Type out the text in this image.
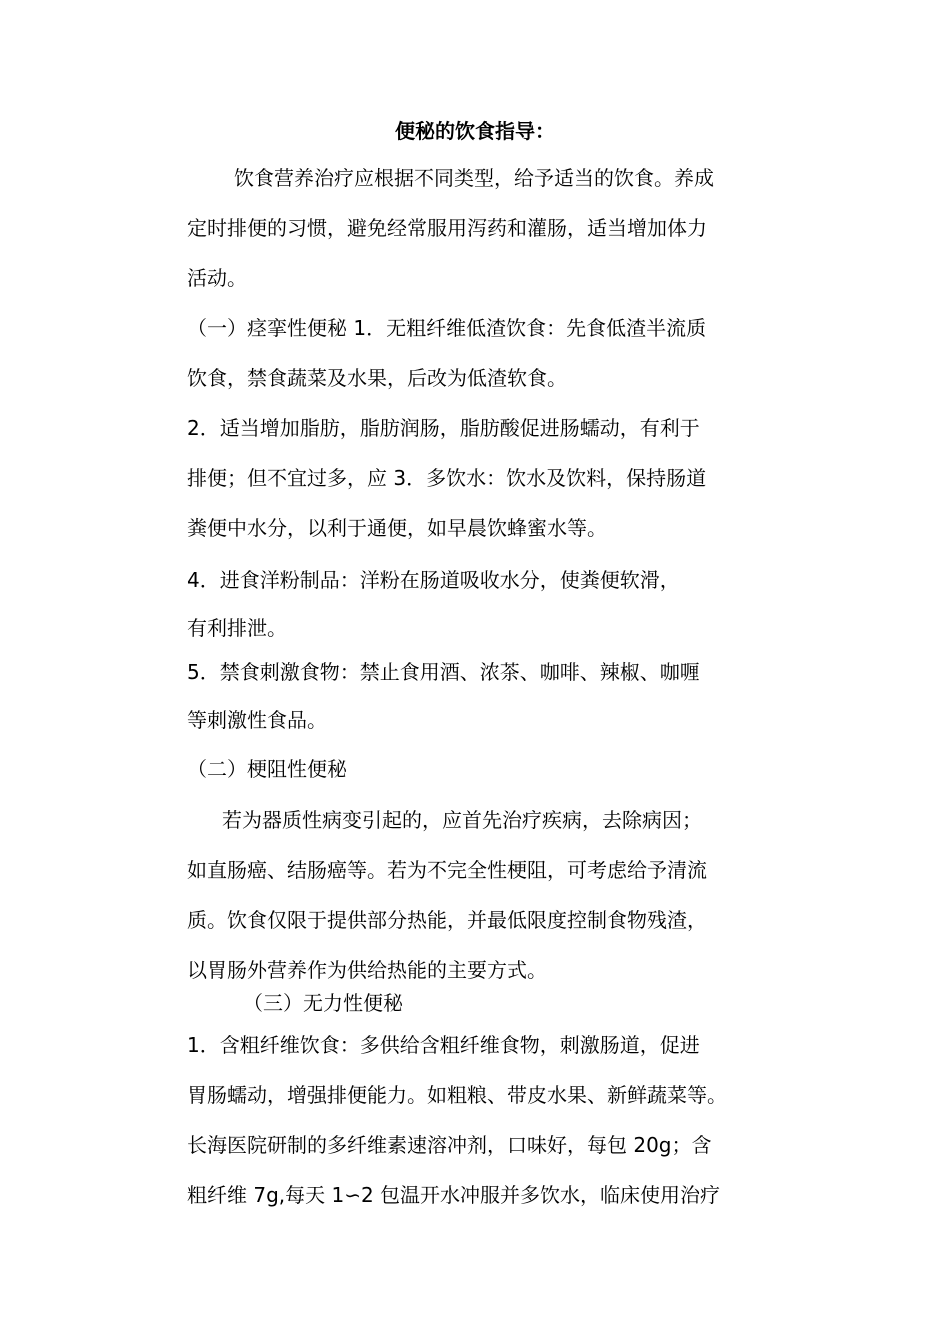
便秘的饮食指导：
饮食营养治疗应根据不同类型，给予适当的饮食。养成
定时排便的习惯，避免经常服用泻药和灌肠，适当增加体力
活动。
（一）痉挛性便秘 1．无粗纤维低渣饮食：先食低渣半流质
饮食，禁食蔬菜及水果，后改为低渣软食。
2．适当增加脂肪，脂肪润肠，脂肪酸促进肠蠕动，有利于
排便；但不宜过多，应 3．多饮水：饮水及饮料，保持肠道
粪便中水分，以利于通便，如早晨饮蜂蜜水等。
4．进食洋粉制品：洋粉在肠道吸收水分，使粪便软滑，
有利排泄。
5．禁食刺激食物：禁止食用酒、浓茶、咖啡、辣椒、咖喱
等刺激性食品。
（二）梗阻性便秘
若为器质性病变引起的，应首先治疗疾病，去除病因；
如直肠癌、结肠癌等。若为不完全性梗阻，可考虑给予清流
质。饮食仅限于提供部分热能，并最低限度控制食物残渣，
以胃肠外营养作为供给热能的主要方式。
（三）无力性便秘
1．含粗纤维饮食：多供给含粗纤维食物，刺激肠道，促进
胃肠蠕动，增强排便能力。如粗粮、带皮水果、新鲜蔬菜等。
长海医院研制的多纤维素速溶冲剂，口味好，每包 20g；含
粗纤维 7g,每天 1∽2 包温开水冲服并多饮水，临床使用治疗
